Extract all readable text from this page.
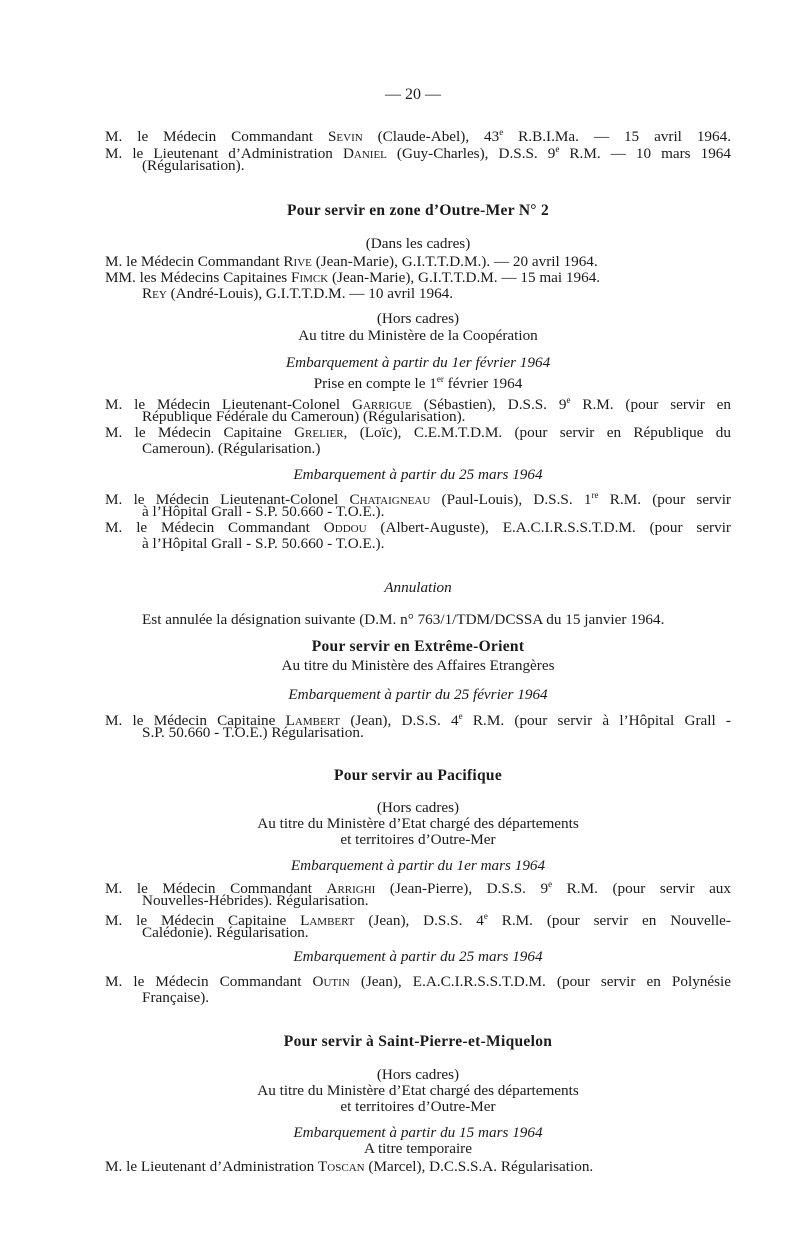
— 20 —
M. le Médecin Commandant Sevin (Claude-Abel), 43e R.B.I.Ma. — 15 avril 1964.
M. le Lieutenant d’Administration Daniel (Guy-Charles), D.S.S. 9e R.M. — 10 mars 1964
(Régularisation).
Pour servir en zone d’Outre-Mer N° 2
(Dans les cadres)
M. le Médecin Commandant Rive (Jean-Marie), G.I.T.T.D.M.). — 20 avril 1964.
MM. les Médecins Capitaines Fimck (Jean-Marie), G.I.T.T.D.M. — 15 mai 1964.
Rey (André-Louis), G.I.T.T.D.M. — 10 avril 1964.
(Hors cadres)
Au titre du Ministère de la Coopération
Embarquement à partir du 1er février 1964
Prise en compte le 1er février 1964
M. le Médecin Lieutenant-Colonel Garrigue (Sébastien), D.S.S. 9e R.M. (pour servir en
République Fédérale du Cameroun) (Régularisation).
M. le Médecin Capitaine Grelier, (Loïc), C.E.M.T.D.M. (pour servir en République du
Cameroun). (Régularisation.)
Embarquement à partir du 25 mars 1964
M. le Médecin Lieutenant-Colonel Chataigneau (Paul-Louis), D.S.S. 1re R.M. (pour servir
à l’Hôpital Grall - S.P. 50.660 - T.O.E.).
M. le Médecin Commandant Oddou (Albert-Auguste), E.A.C.I.R.S.S.T.D.M. (pour servir
à l’Hôpital Grall - S.P. 50.660 - T.O.E.).
Annulation
Est annulée la désignation suivante (D.M. n° 763/1/TDM/DCSSA du 15 janvier 1964.
Pour servir en Extrême-Orient
Au titre du Ministère des Affaires Etrangères
Embarquement à partir du 25 février 1964
M. le Médecin Capitaine Lambert (Jean), D.S.S. 4e R.M. (pour servir à l’Hôpital Grall -
S.P. 50.660 - T.O.E.) Régularisation.
Pour servir au Pacifique
(Hors cadres)
Au titre du Ministère d’Etat chargé des départements
et territoires d’Outre-Mer
Embarquement à partir du 1er mars 1964
M. le Médecin Commandant Arrighi (Jean-Pierre), D.S.S. 9e R.M. (pour servir aux
Nouvelles-Hébrides). Régularisation.
M. le Médecin Capitaine Lambert (Jean), D.S.S. 4e R.M. (pour servir en Nouvelle-
Calédonie). Régularisation.
Embarquement à partir du 25 mars 1964
M. le Médecin Commandant Outin (Jean), E.A.C.I.R.S.S.T.D.M. (pour servir en Polynésie
Française).
Pour servir à Saint-Pierre-et-Miquelon
(Hors cadres)
Au titre du Ministère d’Etat chargé des départements
et territoires d’Outre-Mer
Embarquement à partir du 15 mars 1964
A titre temporaire
M. le Lieutenant d’Administration Toscan (Marcel), D.C.S.S.A. Régularisation.
